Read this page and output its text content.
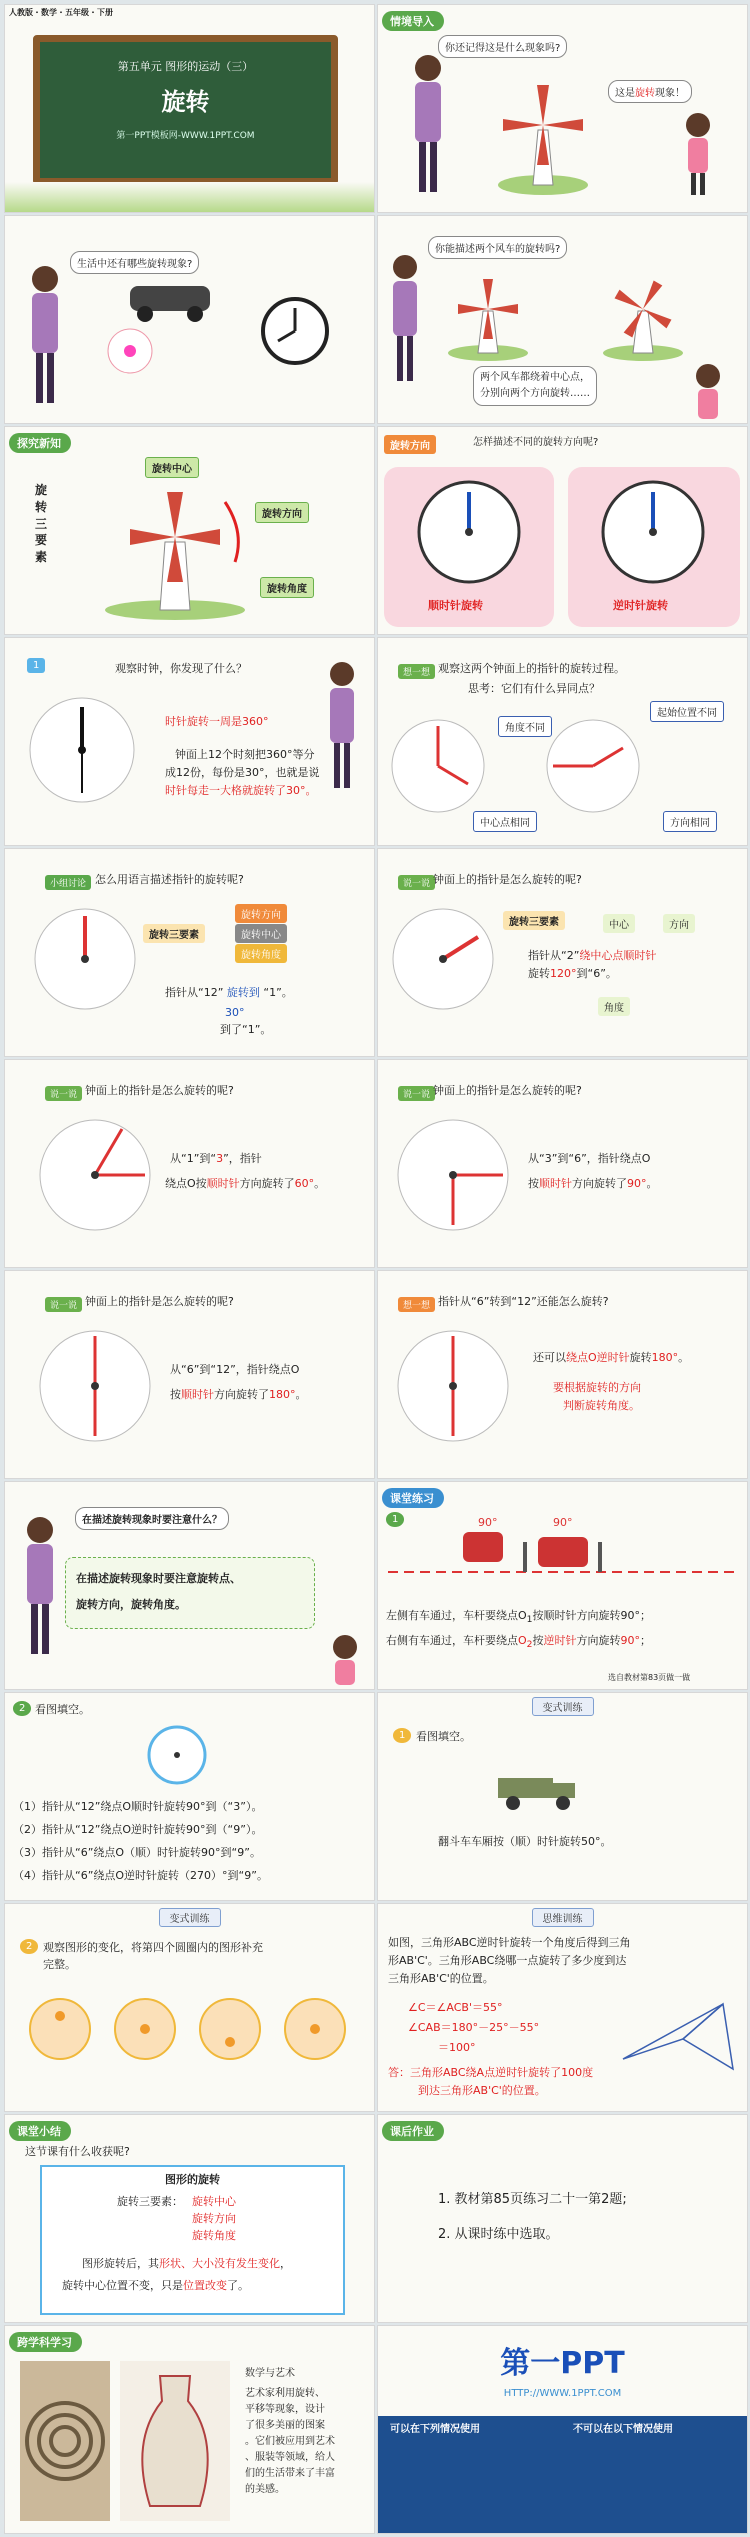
人教版・数学・五年级・下册
第五单元 图形的运动（三）
旋转
第一PPT模板网-WWW.1PPT.COM
情境导入
你还记得这是什么现象吗?
这是旋转现象！
生活中还有哪些旋转现象?
你能描述两个风车的旋转吗?
两个风车都绕着中心点，
分别向两个方向旋转……
探究新知
旋
转
三
要
素
旋转中心
旋转方向
旋转角度
旋转方向	怎样描述不同的旋转方向呢?
顺时针旋转	逆时针旋转
1	观察时钟，你发现了什么？
时针旋转一周是360°
钟面上12个时刻把360°等分
成12份，每份是30°，也就是说
时针每走一大格就旋转了30°。
想一想 观察这两个钟面上的指针的旋转过程。
思考：它们有什么异同点？
角度不同
起始位置不同
中心点相同	方向相同
小组讨论 怎么用语言描述指针的旋转呢?
旋转三要素
旋转方向
旋转中心
旋转角度
指针从“12” 旋转到 “1”。
30°
到了“1”。
说一说 钟面上的指针是怎么旋转的呢?
旋转三要素	中心	方向
指针从“2”绕中心点顺时针
旋转120°到“6”。
角度
说一说 钟面上的指针是怎么旋转的呢?
从“1”到“3”，指针
绕点O按顺时针方向旋转了60°。
说一说 钟面上的指针是怎么旋转的呢?
从“3”到“6”，指针绕点O
按顺时针方向旋转了90°。
说一说 钟面上的指针是怎么旋转的呢?
从“6”到“12”，指针绕点O
按顺时针方向旋转了180°。
想一想 指针从“6”转到“12”还能怎么旋转?
还可以绕点O逆时针旋转180°。
要根据旋转的方向
判断旋转角度。
在描述旋转现象时要注意什么？
在描述旋转现象时要注意旋转点、
旋转方向，旋转角度。
课堂练习
1	90°	90°
左侧有车通过，车杆要绕点$O_1$按顺时针方向旋转90°；
右侧有车通过，车杆要绕点$O_2$按逆时针方向旋转90°；
选自教材第83页做一做
2 看图填空。
（1）指针从“12”绕点O顺时针旋转90°到（“3”）。
（2）指针从“12”绕点O逆时针旋转90°到（“9”）。
（3）指针从“6”绕点O（顺）时针旋转90°到“9”。
（4）指针从“6”绕点O逆时针旋转（270）°到“9”。
变式训练
1 看图填空。
翻斗车车厢按（顺）时针旋转50°。
变式训练
2 观察图形的变化，将第四个圆圈内的图形补充
完整。
思维训练
如图，三角形ABC逆时针旋转一个角度后得到三角
形AB'C'。三角形ABC绕哪一点旋转了多少度到达
三角形AB'C'的位置。
∠C＝∠ACB'＝55°
∠CAB＝180°－25°－55°
＝100°
答：三角形ABC绕A点逆时针旋转了100度
到达三角形AB'C'的位置。
课堂小结
这节课有什么收获呢?
图形的旋转
旋转三要素： 旋转中心
旋转方向
旋转角度
图形旋转后，其形状、大小没有发生变化，
旋转中心位置不变，只是位置改变了。
课后作业
1. 教材第85页练习二十一第2题;
2. 从课时练中选取。
跨学科学习
数学与艺术
艺术家利用旋转、
平移等现象，设计
了很多美丽的图案
。它们被应用到艺术
、服装等领域，给人
们的生活带来了丰富
的美感。
第一PPT
HTTP://WWW.1PPT.COM
可以在下列情况使用	不可以在以下情况使用
